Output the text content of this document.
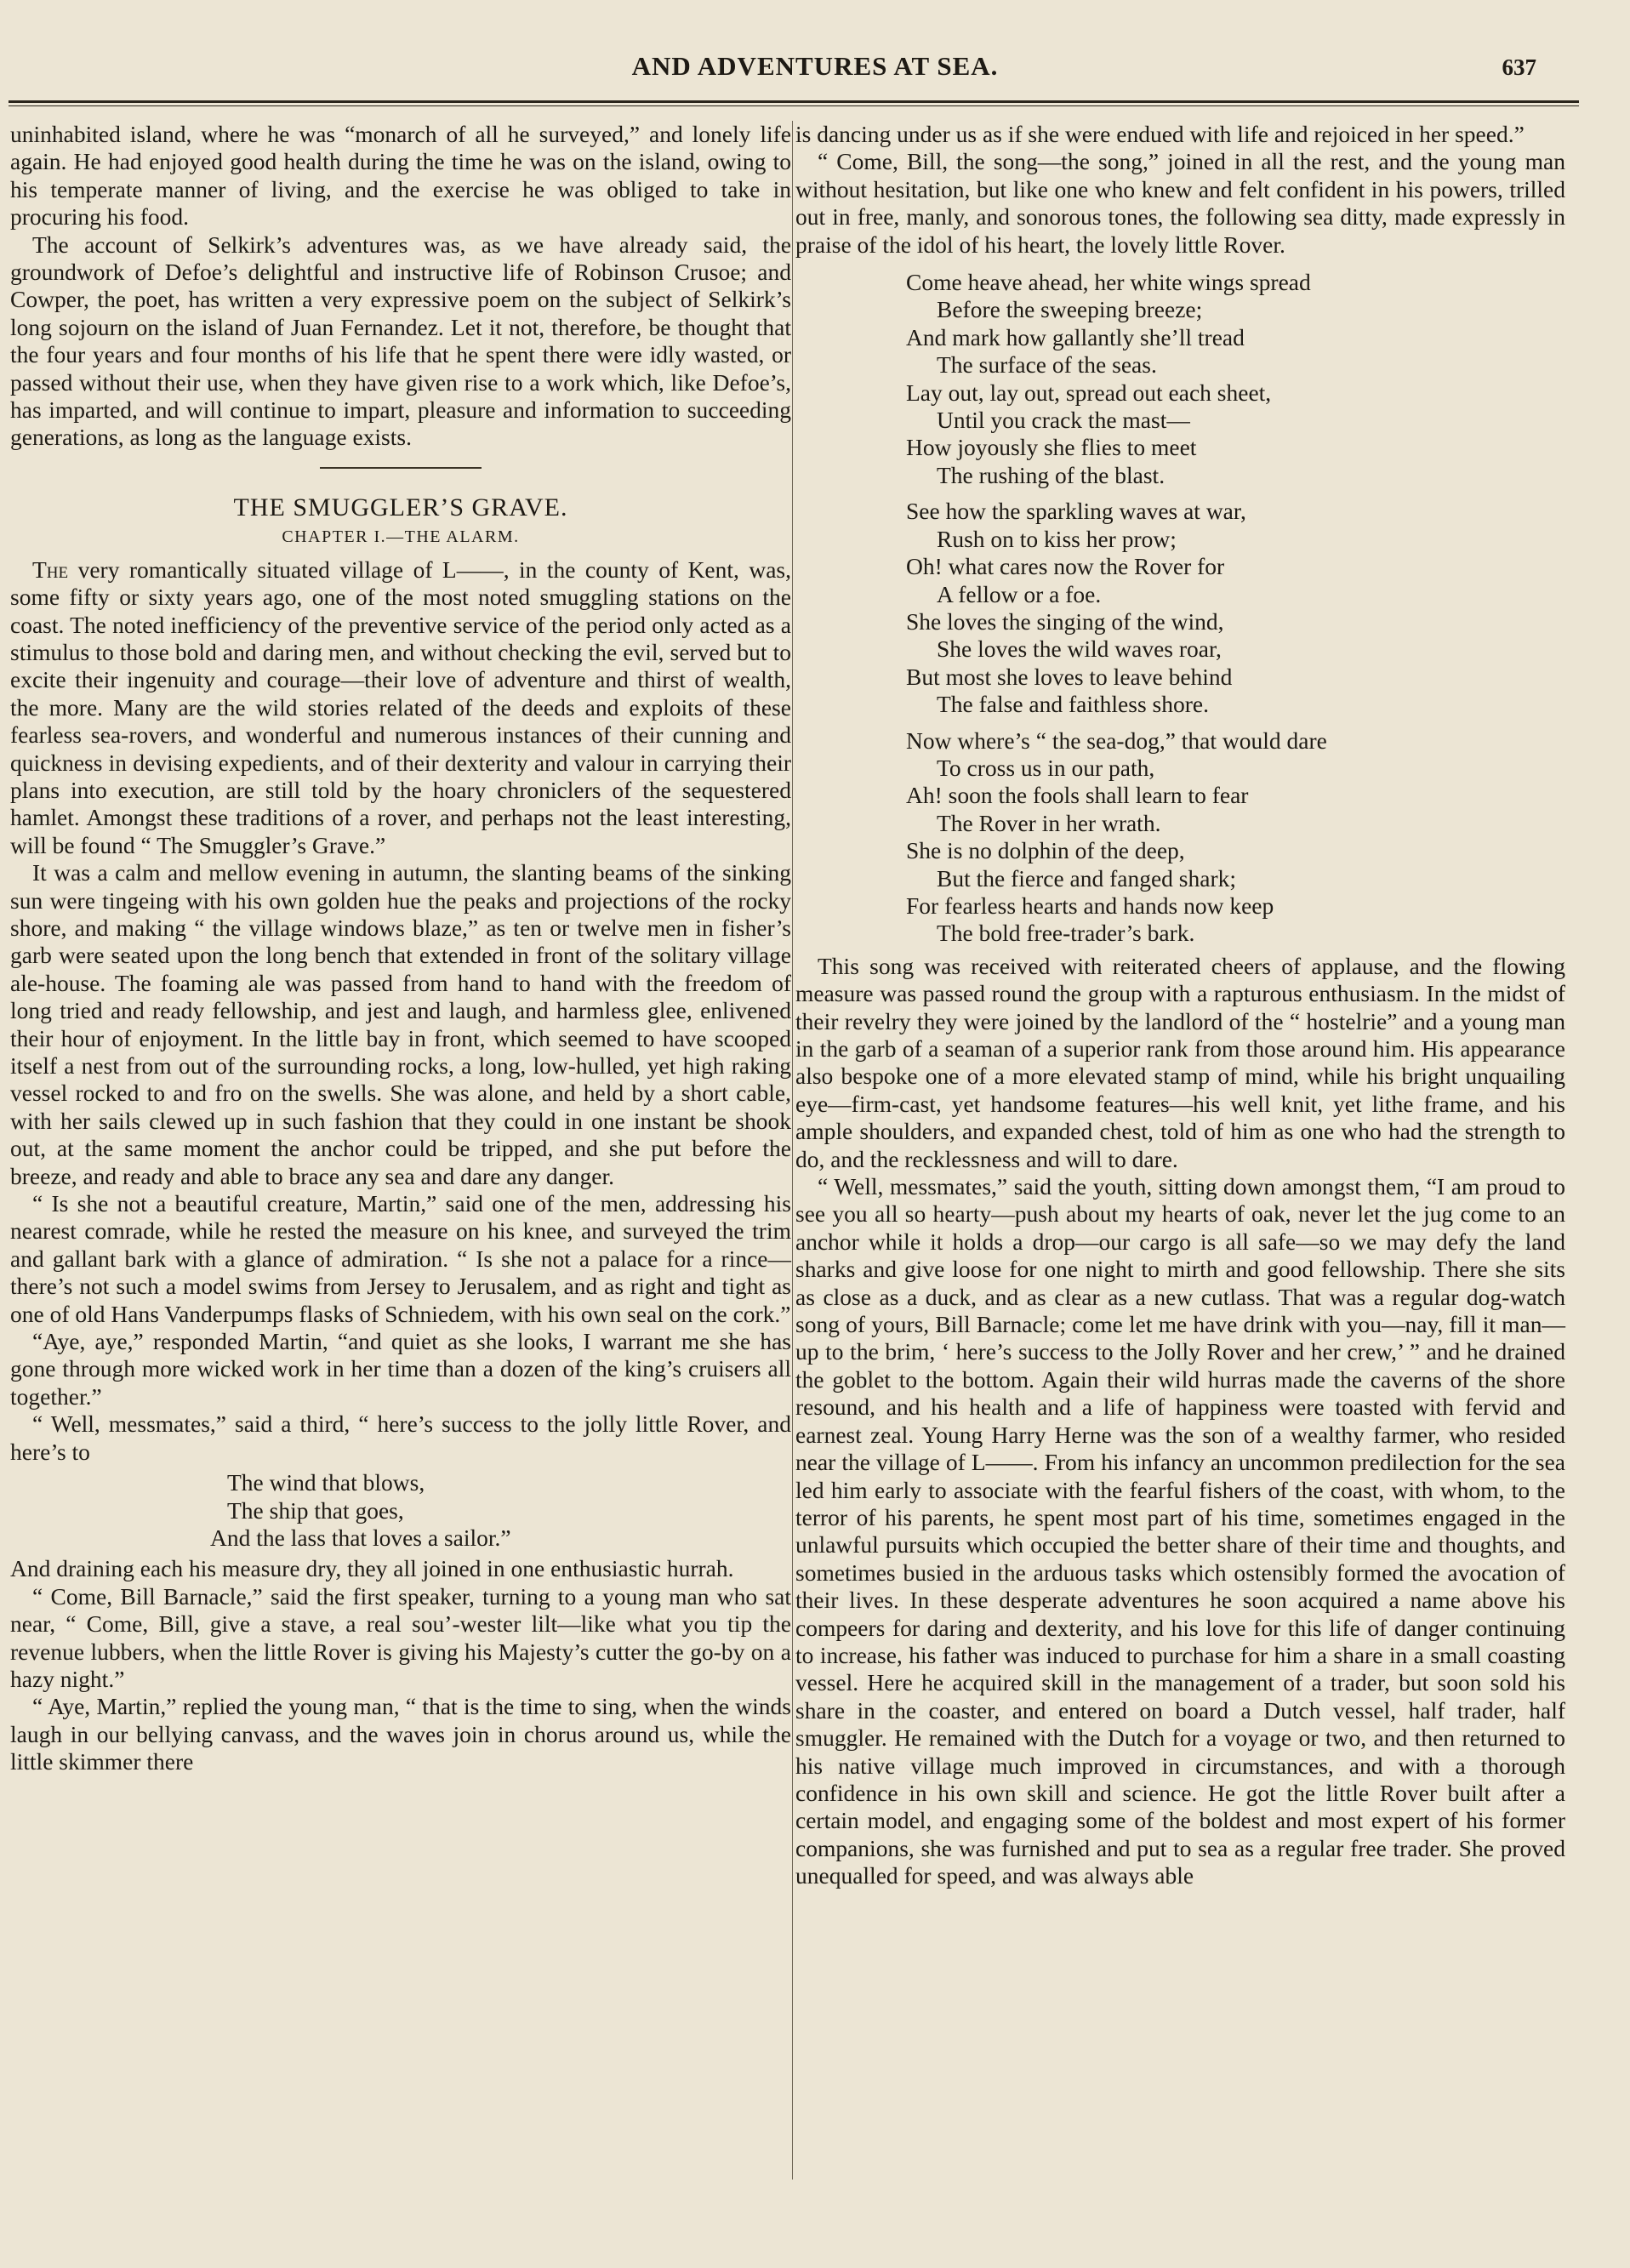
AND ADVENTURES AT SEA.	637

uninhabited island, where he was “monarch of all he surveyed,” and lonely life again. He had enjoyed good health during the time he was on the island, owing to his temperate manner of living, and the exercise he was obliged to take in procuring his food.

The account of Selkirk’s adventures was, as we have already said, the groundwork of Defoe’s delightful and instructive life of Robinson Crusoe; and Cowper, the poet, has written a very expressive poem on the subject of Selkirk’s long sojourn on the island of Juan Fernandez. Let it not, therefore, be thought that the four years and four months of his life that he spent there were idly wasted, or passed without their use, when they have given rise to a work which, like Defoe’s, has imparted, and will continue to impart, pleasure and information to succeeding generations, as long as the language exists.

THE SMUGGLER’S GRAVE.
CHAPTER I.—THE ALARM.

The very romantically situated village of L——, in the county of Kent, was, some fifty or sixty years ago, one of the most noted smuggling stations on the coast. The noted inefficiency of the preventive service of the period only acted as a stimulus to those bold and daring men, and without checking the evil, served but to excite their ingenuity and courage—their love of adventure and thirst of wealth, the more. Many are the wild stories related of the deeds and exploits of these fearless sea-rovers, and wonderful and numerous instances of their cunning and quickness in devising expedients, and of their dexterity and valour in carrying their plans into execution, are still told by the hoary chroniclers of the sequestered hamlet. Amongst these traditions of a rover, and perhaps not the least interesting, will be found “ The Smuggler’s Grave.”

It was a calm and mellow evening in autumn, the slanting beams of the sinking sun were tingeing with his own golden hue the peaks and projections of the rocky shore, and making “ the village windows blaze,” as ten or twelve men in fisher’s garb were seated upon the long bench that extended in front of the solitary village ale-house. The foaming ale was passed from hand to hand with the freedom of long tried and ready fellowship, and jest and laugh, and harmless glee, enlivened their hour of enjoyment. In the little bay in front, which seemed to have scooped itself a nest from out of the surrounding rocks, a long, low-hulled, yet high raking vessel rocked to and fro on the swells. She was alone, and held by a short cable, with her sails clewed up in such fashion that they could in one instant be shook out, at the same moment the anchor could be tripped, and she put before the breeze, and ready and able to brace any sea and dare any danger.

“ Is she not a beautiful creature, Martin,” said one of the men, addressing his nearest comrade, while he rested the measure on his knee, and surveyed the trim and gallant bark with a glance of admiration. “ Is she not a palace for a rince—there’s not such a model swims from Jersey to Jerusalem, and as right and tight as one of old Hans Vanderpumps flasks of Schniedem, with his own seal on the cork.”

“Aye, aye,” responded Martin, “and quiet as she looks, I warrant me she has gone through more wicked work in her time than a dozen of the king’s cruisers all together.”

“ Well, messmates,” said a third, “ here’s success to the jolly little Rover, and here’s to

The wind that blows,
The ship that goes,
And the lass that loves a sailor.”

And draining each his measure dry, they all joined in one enthusiastic hurrah.

“ Come, Bill Barnacle,” said the first speaker, turning to a young man who sat near, “ Come, Bill, give a stave, a real sou’-wester lilt—like what you tip the revenue lubbers, when the little Rover is giving his Majesty’s cutter the go-by on a hazy night.”

“ Aye, Martin,” replied the young man, “ that is the time to sing, when the winds laugh in our bellying canvass, and the waves join in chorus around us, while the little skimmer there

is dancing under us as if she were endued with life and rejoiced in her speed.”

“ Come, Bill, the song—the song,” joined in all the rest, and the young man without hesitation, but like one who knew and felt confident in his powers, trilled out in free, manly, and sonorous tones, the following sea ditty, made expressly in praise of the idol of his heart, the lovely little Rover.

Come heave ahead, her white wings spread
Before the sweeping breeze;
And mark how gallantly she’ll tread
The surface of the seas.
Lay out, lay out, spread out each sheet,
Until you crack the mast—
How joyously she flies to meet
The rushing of the blast.
See how the sparkling waves at war,
Rush on to kiss her prow;
Oh! what cares now the Rover for
A fellow or a foe.
She loves the singing of the wind,
She loves the wild waves roar,
But most she loves to leave behind
The false and faithless shore.
Now where’s “ the sea-dog,” that would dare
To cross us in our path,
Ah! soon the fools shall learn to fear
The Rover in her wrath.
She is no dolphin of the deep,
But the fierce and fanged shark;
For fearless hearts and hands now keep
The bold free-trader’s bark.

This song was received with reiterated cheers of applause, and the flowing measure was passed round the group with a rapturous enthusiasm. In the midst of their revelry they were joined by the landlord of the “ hostelrie” and a young man in the garb of a seaman of a superior rank from those around him. His appearance also bespoke one of a more elevated stamp of mind, while his bright unquailing eye—firm-cast, yet handsome features—his well knit, yet lithe frame, and his ample shoulders, and expanded chest, told of him as one who had the strength to do, and the recklessness and will to dare.

“ Well, messmates,” said the youth, sitting down amongst them, “I am proud to see you all so hearty—push about my hearts of oak, never let the jug come to an anchor while it holds a drop—our cargo is all safe—so we may defy the land sharks and give loose for one night to mirth and good fellowship. There she sits as close as a duck, and as clear as a new cutlass. That was a regular dog-watch song of yours, Bill Barnacle; come let me have drink with you—nay, fill it man—up to the brim, ‘ here’s success to the Jolly Rover and her crew,’ ” and he drained the goblet to the bottom. Again their wild hurras made the caverns of the shore resound, and his health and a life of happiness were toasted with fervid and earnest zeal. Young Harry Herne was the son of a wealthy farmer, who resided near the village of L——. From his infancy an uncommon predilection for the sea led him early to associate with the fearful fishers of the coast, with whom, to the terror of his parents, he spent most part of his time, sometimes engaged in the unlawful pursuits which occupied the better share of their time and thoughts, and sometimes busied in the arduous tasks which ostensibly formed the avocation of their lives. In these desperate adventures he soon acquired a name above his compeers for daring and dexterity, and his love for this life of danger continuing to increase, his father was induced to purchase for him a share in a small coasting vessel. Here he acquired skill in the management of a trader, but soon sold his share in the coaster, and entered on board a Dutch vessel, half trader, half smuggler. He remained with the Dutch for a voyage or two, and then returned to his native village much improved in circumstances, and with a thorough confidence in his own skill and science. He got the little Rover built after a certain model, and engaging some of the boldest and most expert of his former companions, she was furnished and put to sea as a regular free trader. She proved unequalled for speed, and was always able
